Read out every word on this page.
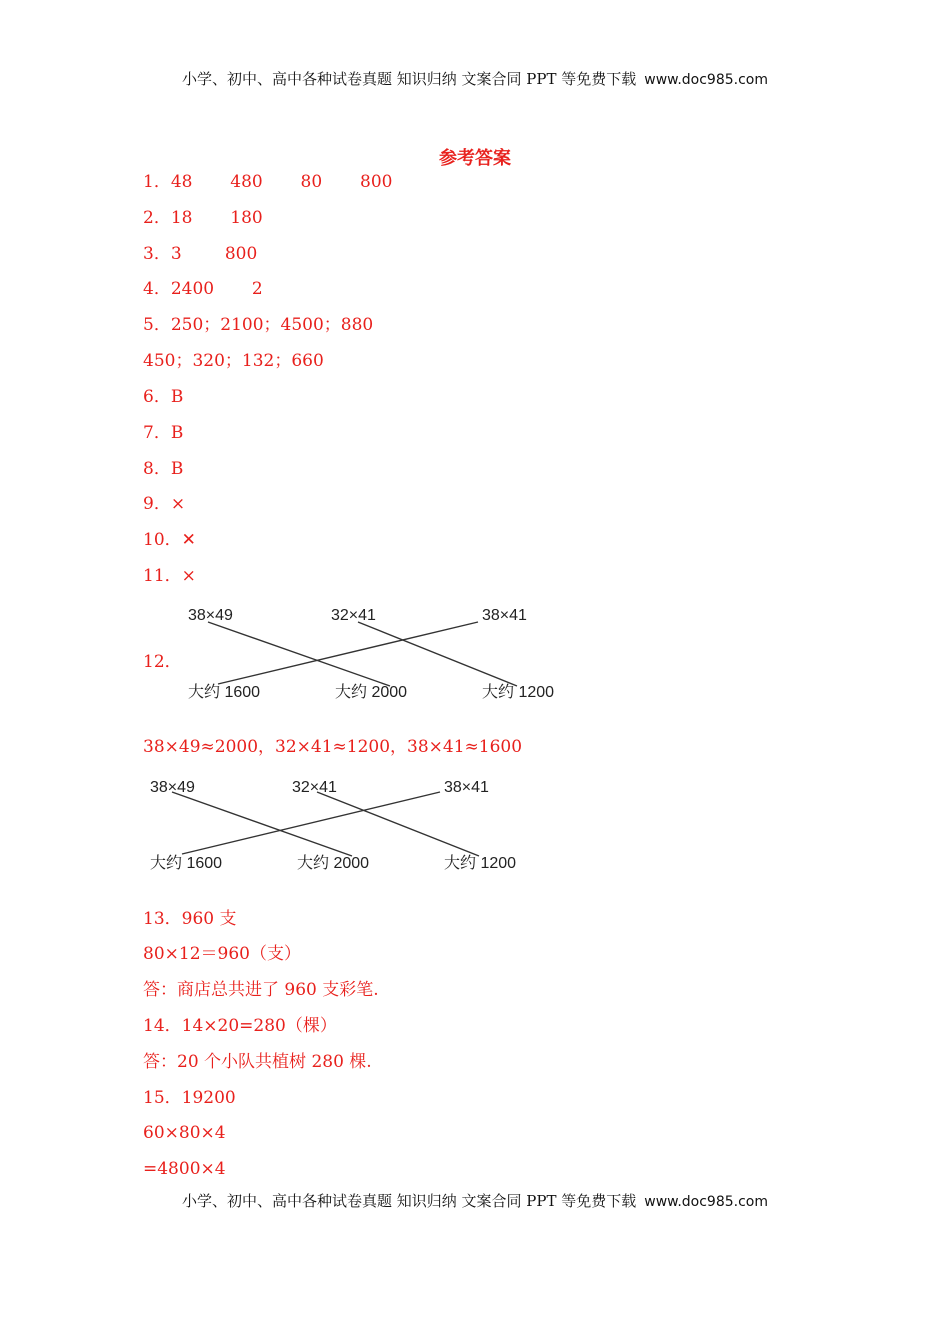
小学、初中、高中各种试卷真题 知识归纳 文案合同 PPT 等免费下载 www.doc985.com
参考答案
1．48       480       80       800
2．18       180
3．3        800
4．2400       2
5．250；2100；4500；880
450；320；132；660
6．B
7．B
8．B
9．×
10．✕
11．×
12．
38×49	32×41	38×41
大约 1600	大约 2000	大约 1200
38×49≈2000，32×41≈1200，38×41≈1600
38×49	32×41	38×41
大约 1600	大约 2000	大约 1200
13．960 支
80×12＝960（支）
答：商店总共进了 960 支彩笔.
14．14×20=280（棵）
答：20 个小队共植树 280 棵.
15．19200
60×80×4
=4800×4
小学、初中、高中各种试卷真题 知识归纳 文案合同 PPT 等免费下载 www.doc985.com
